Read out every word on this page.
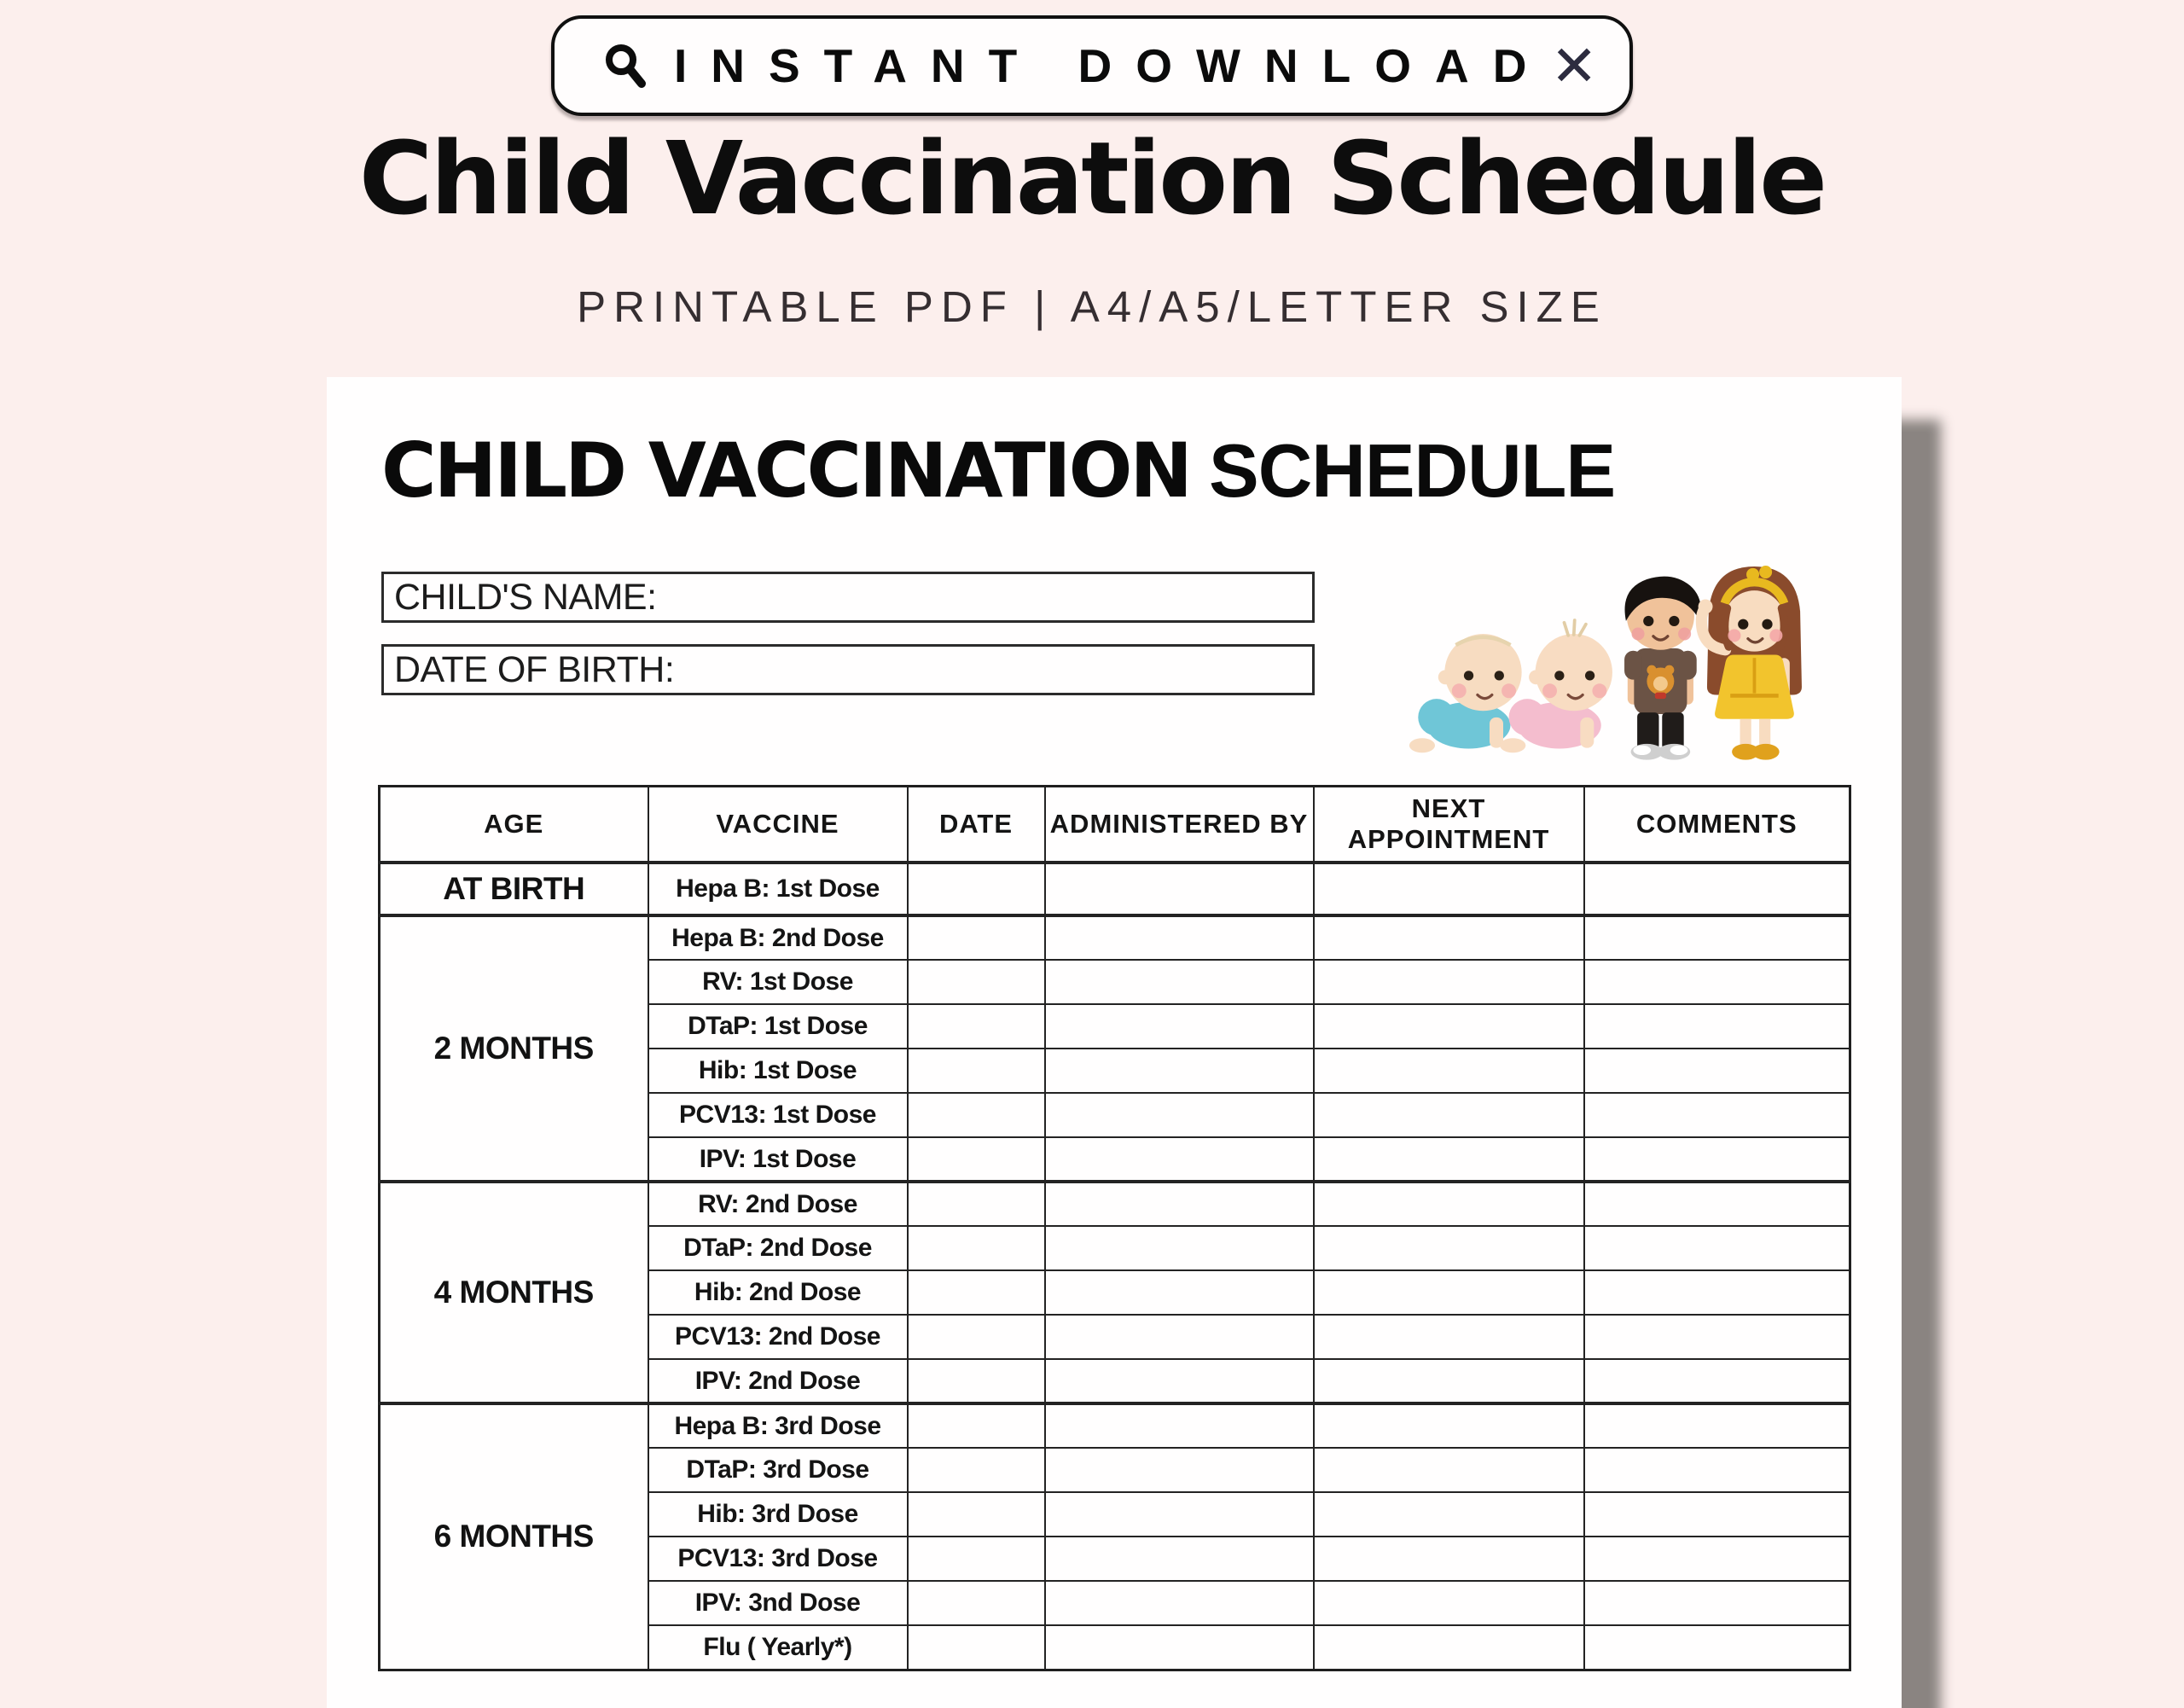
INSTANT DOWNLOAD ✕
Child Vaccination Schedule
PRINTABLE PDF | A4/A5/LETTER SIZE
CHILD VACCINATION SCHEDULE
CHILD'S NAME:
DATE OF BIRTH:
AGE	VACCINE	DATE	ADMINISTERED BY	NEXT APPOINTMENT	COMMENTS
AT BIRTH	Hepa B: 1st Dose				
2 MONTHS	Hepa B: 2nd Dose				
	RV: 1st Dose				
	DTaP: 1st Dose				
	Hib: 1st Dose				
	PCV13: 1st Dose				
	IPV: 1st Dose				
4 MONTHS	RV: 2nd Dose				
	DTaP: 2nd Dose				
	Hib: 2nd Dose				
	PCV13: 2nd Dose				
	IPV: 2nd Dose				
6 MONTHS	Hepa B: 3rd Dose				
	DTaP: 3rd Dose				
	Hib: 3rd Dose				
	PCV13: 3rd Dose				
	IPV: 3nd Dose				
	Flu ( Yearly*)				
